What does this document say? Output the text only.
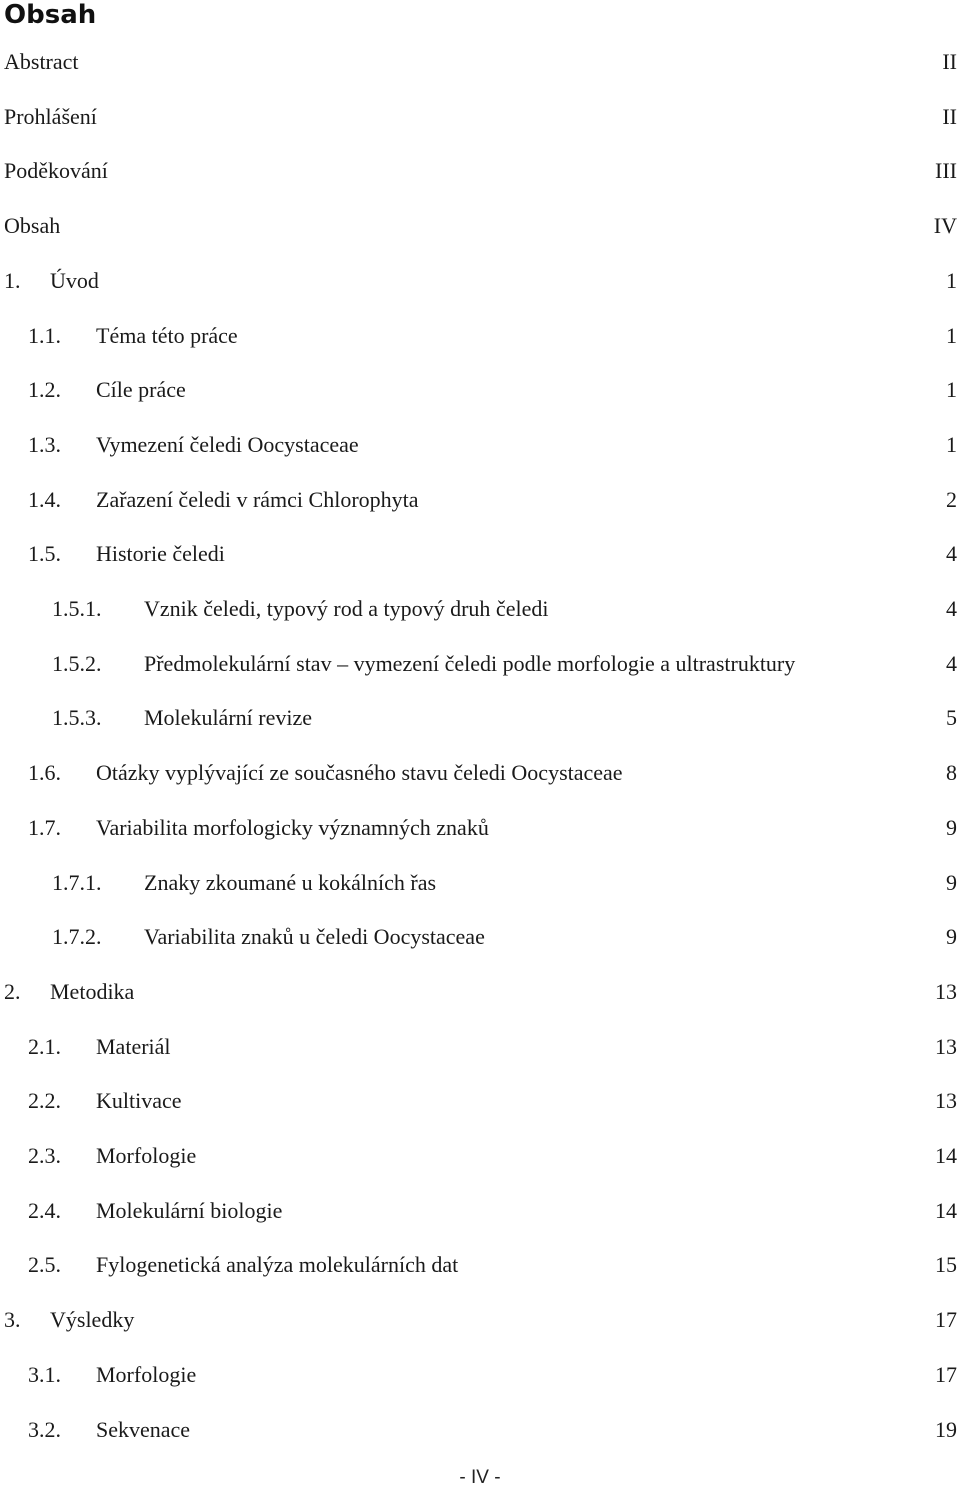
Obsah
Abstract	II
Prohlášení	II
Poděkování	III
Obsah	IV
1.	Úvod	1
1.1.	Téma této práce	1
1.2.	Cíle práce	1
1.3.	Vymezení čeledi Oocystaceae	1
1.4.	Zařazení čeledi v rámci Chlorophyta	2
1.5.	Historie čeledi	4
1.5.1.	Vznik čeledi, typový rod a typový druh čeledi	4
1.5.2.	Předmolekulární stav – vymezení čeledi podle morfologie a ultrastruktury	4
1.5.3.	Molekulární revize	5
1.6.	Otázky vyplývající ze současného stavu čeledi Oocystaceae	8
1.7.	Variabilita morfologicky významných znaků	9
1.7.1.	Znaky zkoumané u kokálních řas	9
1.7.2.	Variabilita znaků u čeledi Oocystaceae	9
2.	Metodika	13
2.1.	Materiál	13
2.2.	Kultivace	13
2.3.	Morfologie	14
2.4.	Molekulární biologie	14
2.5.	Fylogenetická analýza molekulárních dat	15
3.	Výsledky	17
3.1.	Morfologie	17
3.2.	Sekvenace	19
- IV -
